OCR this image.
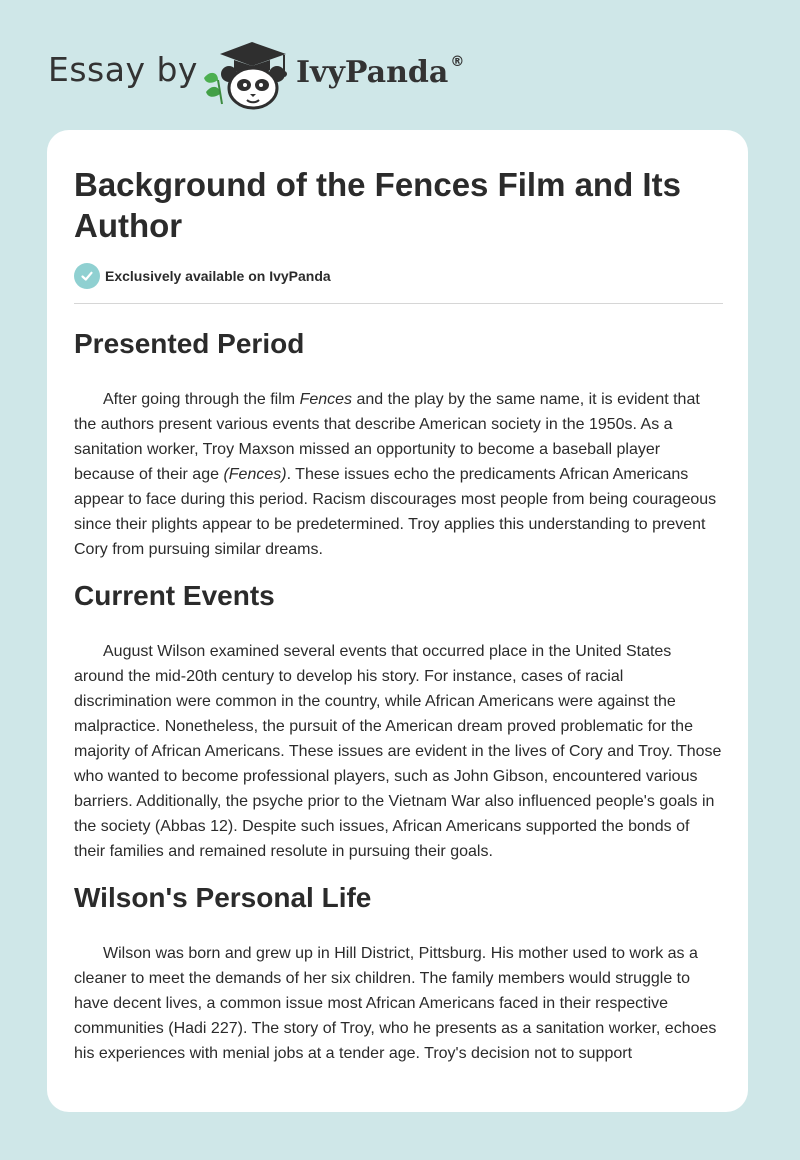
Essay by	IvyPanda ®
Background of the Fences Film and Its Author
Exclusively available on IvyPanda
Presented Period

After going through the film Fences and the play by the same name, it is evident that the authors present various events that describe American society in the 1950s. As a sanitation worker, Troy Maxson missed an opportunity to become a baseball player because of their age (Fences). These issues echo the predicaments African Americans appear to face during this period. Racism discourages most people from being courageous since their plights appear to be predetermined. Troy applies this understanding to prevent Cory from pursuing similar dreams.

Current Events

August Wilson examined several events that occurred place in the United States around the mid-20th century to develop his story. For instance, cases of racial discrimination were common in the country, while African Americans were against the malpractice. Nonetheless, the pursuit of the American dream proved problematic for the majority of African Americans. These issues are evident in the lives of Cory and Troy. Those who wanted to become professional players, such as John Gibson, encountered various barriers. Additionally, the psyche prior to the Vietnam War also influenced people's goals in the society (Abbas 12). Despite such issues, African Americans supported the bonds of their families and remained resolute in pursuing their goals.

Wilson's Personal Life

Wilson was born and grew up in Hill District, Pittsburg. His mother used to work as a cleaner to meet the demands of her six children. The family members would struggle to have decent lives, a common issue most African Americans faced in their respective communities (Hadi 227). The story of Troy, who he presents as a sanitation worker, echoes his experiences with menial jobs at a tender age. Troy's decision not to support
